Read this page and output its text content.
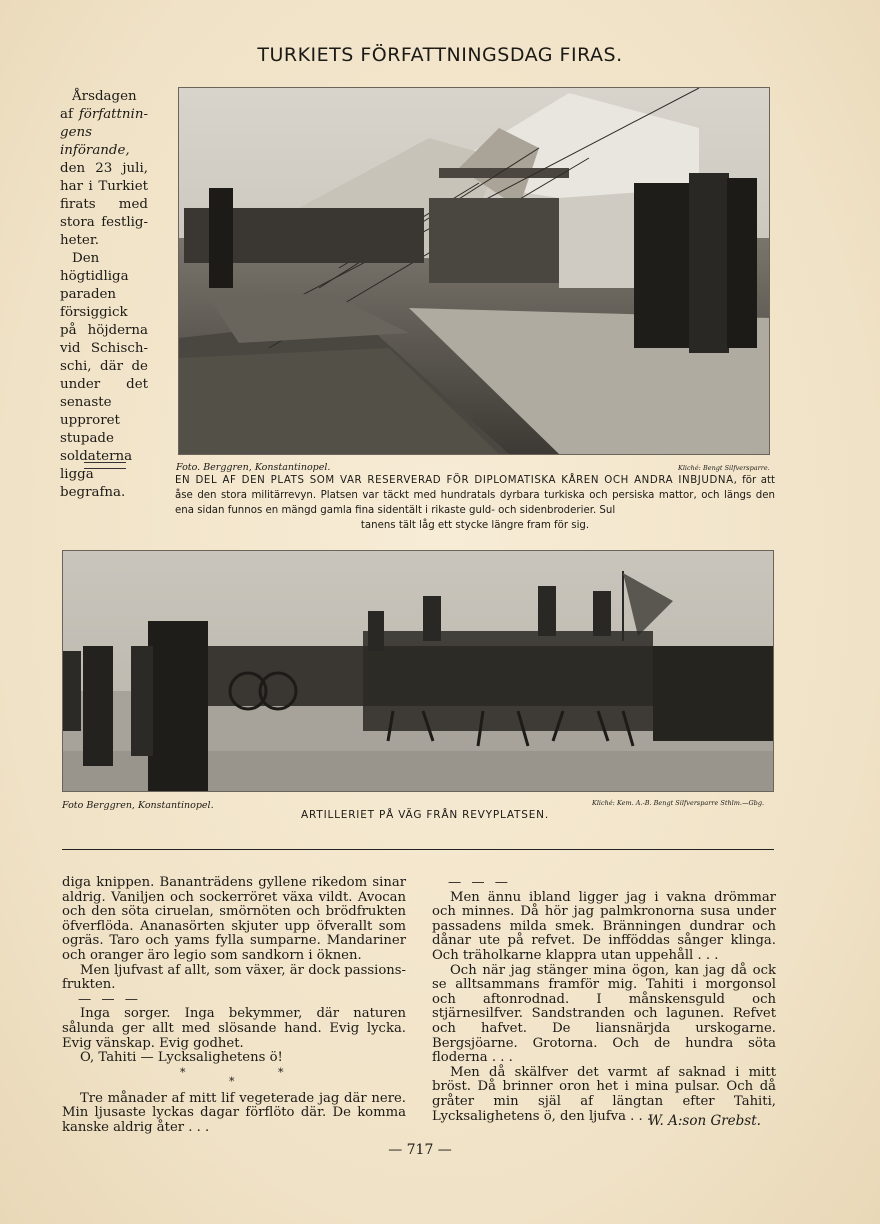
TURKIETS FÖRFATTNINGSDAG FIRAS.

Årsdagen af författningens införande, den 23 juli, har i Turkiet firats med stora festligheter.

Den högtidliga paraden försiggick på höjderna vid Schischschi, där de under det senaste upproret stupade soldaterna ligga begrafna.

Foto. Berggren, Konstantinopel.	Kliché: Bengt Silfversparre.
EN DEL AF DEN PLATS SOM VAR RESERVERAD FÖR DIPLOMATISKA KÅREN OCH ANDRA INBJUDNA, för att åse den stora militärrevyn. Platsen var täckt med hundratals dyrbara turkiska och persiska mattor, och längs den ena sidan funnos en mängd gamla fina sidentält i rikaste guld- och sidenbroderier. Sul
tanens tält låg ett stycke längre fram för sig.
Foto Berggren, Konstantinopel.	Kliché: Kem. A.-B. Bengt Silfversparre Sthlm.—Gbg.
ARTILLERIET PÅ VÄG FRÅN REVYPLATSEN.

diga knippen. Bananträdens gyllene rikedom sinar aldrig. Vaniljen och sockerröret växa vildt. Avocan och den söta ciruelan, smörnöten och brödfrukten öfverflöda. Ananasörten skjuter upp öfverallt som ogräs. Taro och yams fylla sumparne. Mandariner och oranger äro legio som sandkorn i öknen.

Men ljufvast af allt, som växer, är dock passionsfrukten.

— — —

Inga sorger. Inga bekymmer, där naturen sålunda ger allt med slösande hand. Evig lycka. Evig vänskap. Evig godhet.

O, Tahiti — Lycksalighetens ö!

*	*
*

Tre månader af mitt lif vegeterade jag där nere. Min ljusaste lyckas dagar förflöto där. De komma kanske aldrig åter . . .

— — —

Men ännu ibland ligger jag i vakna drömmar och minnes. Då hör jag palmkronorna susa under passadens milda smek. Bränningen dundrar och dånar ute på refvet. De infföddas sånger klinga. Och träholkarne klappra utan uppehåll . . .

Och när jag stänger mina ögon, kan jag då ock se alltsammans framför mig. Tahiti i morgonsol och aftonrodnad. I månskensguld och stjärnesilfver. Sandstranden och lagunen. Refvet och hafvet. De liansnärjda urskogarne. Bergsjöarne. Grotorna. Och de hundra söta floderna . . .

Men då skälfver det varmt af saknad i mitt bröst. Då brinner oron het i mina pulsar. Och då gråter min själ af längtan efter Tahiti, Lycksalighetens ö, den ljufva . . .

W. A:son Grebst.
— 717 —
